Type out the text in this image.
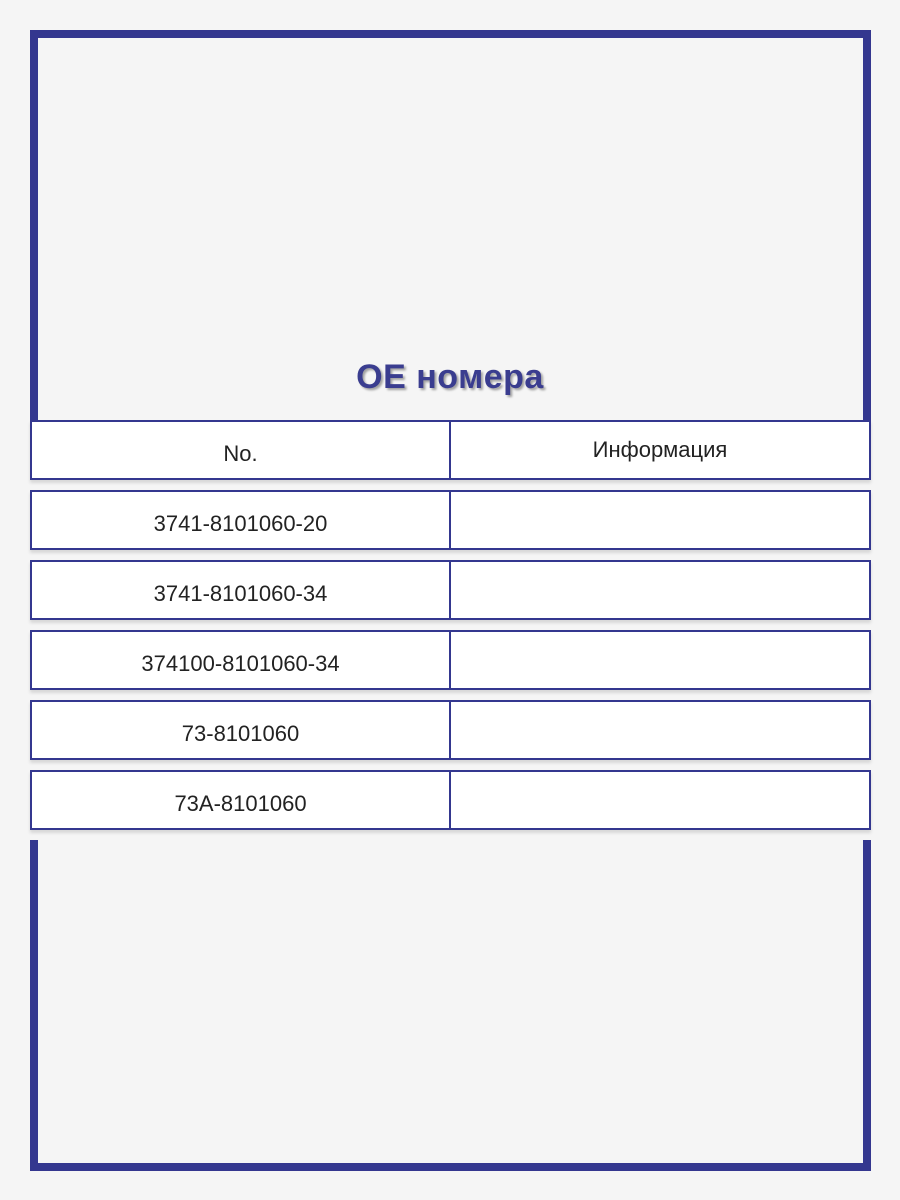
OE номера
No.	Информация
3741-8101060-20
3741-8101060-34
374100-8101060-34
73-8101060
73A-8101060
